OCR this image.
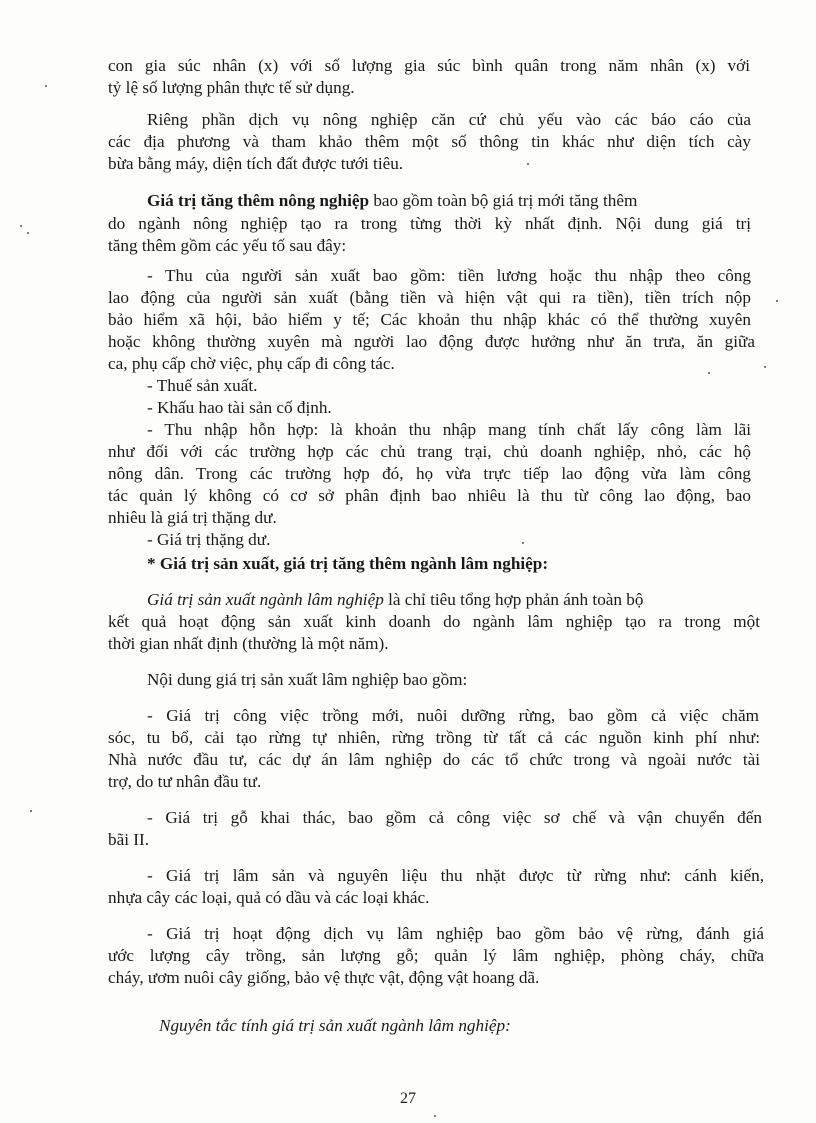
con gia súc nhân (x) với số lượng gia súc bình quân trong năm nhân (x) với
tỷ lệ số lượng phân thực tế sử dụng.
Riêng phần dịch vụ nông nghiệp căn cứ chủ yếu vào các báo cáo của
các địa phương và tham khảo thêm một số thông tin khác như diện tích cày
bừa bằng máy, diện tích đất được tưới tiêu.
Giá trị tăng thêm nông nghiệp bao gồm toàn bộ giá trị mới tăng thêm
do ngành nông nghiệp tạo ra trong từng thời kỳ nhất định. Nội dung giá trị
tăng thêm gồm các yếu tố sau đây:
- Thu của người sản xuất bao gồm: tiền lương hoặc thu nhập theo công
lao động của người sản xuất (bằng tiền và hiện vật qui ra tiền), tiền trích nộp
bảo hiểm xã hội, bảo hiểm y tế; Các khoản thu nhập khác có thể thường xuyên
hoặc không thường xuyên mà người lao động được hưởng như ăn trưa, ăn giữa
ca, phụ cấp chờ việc, phụ cấp đi công tác.
- Thuế sản xuất.
- Khấu hao tài sản cố định.
- Thu nhập hỗn hợp: là khoản thu nhập mang tính chất lấy công làm lãi
như đối với các trường hợp các chủ trang trại, chủ doanh nghiệp, nhỏ, các hộ
nông dân. Trong các trường hợp đó, họ vừa trực tiếp lao động vừa làm công
tác quản lý không có cơ sở phân định bao nhiêu là thu từ công lao động, bao
nhiêu là giá trị thặng dư.
- Giá trị thặng dư.
* Giá trị sản xuất, giá trị tăng thêm ngành lâm nghiệp:
Giá trị sản xuất ngành lâm nghiệp là chỉ tiêu tổng hợp phản ánh toàn bộ
kết quả hoạt động sản xuất kinh doanh do ngành lâm nghiệp tạo ra trong một
thời gian nhất định (thường là một năm).
Nội dung giá trị sản xuất lâm nghiệp bao gồm:
- Giá trị công việc trồng mới, nuôi dưỡng rừng, bao gồm cả việc chăm
sóc, tu bổ, cải tạo rừng tự nhiên, rừng trồng từ tất cả các nguồn kinh phí như:
Nhà nước đầu tư, các dự án lâm nghiệp do các tổ chức trong và ngoài nước tài
trợ, do tư nhân đầu tư.
- Giá trị gỗ khai thác, bao gồm cả công việc sơ chế và vận chuyển đến
bãi II.
- Giá trị lâm sản và nguyên liệu thu nhặt được từ rừng như: cánh kiến,
nhựa cây các loại, quả có dầu và các loại khác.
- Giá trị hoạt động dịch vụ lâm nghiệp bao gồm bảo vệ rừng, đánh giá
ước lượng cây trồng, sản lượng gỗ; quản lý lâm nghiệp, phòng cháy, chữa
cháy, ươm nuôi cây giống, bảo vệ thực vật, động vật hoang dã.
Nguyên tắc tính giá trị sản xuất ngành lâm nghiệp:
27
